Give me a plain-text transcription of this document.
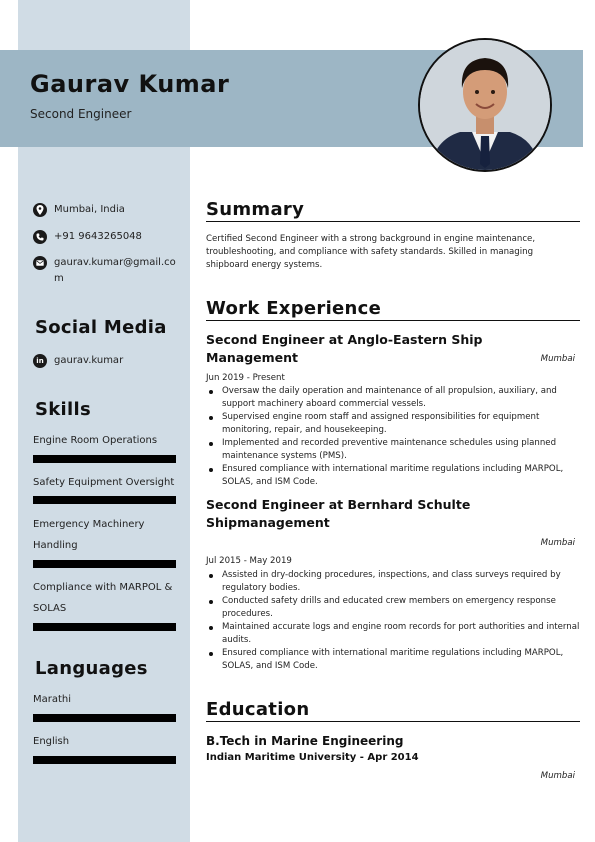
Gaurav Kumar
Second Engineer
Mumbai, India
+91 9643265048
gaurav.kumar@gmail.com
Social Media
in gaurav.kumar
Skills
Engine Room Operations
Safety Equipment Oversight
Emergency Machinery Handling
Compliance with MARPOL & SOLAS
Languages
Marathi
English
Summary
Certified Second Engineer with a strong background in engine maintenance, troubleshooting, and compliance with safety standards. Skilled in managing shipboard energy systems.
Work Experience
Second Engineer at Anglo-Eastern Ship Management	Mumbai
Jun 2019 - Present
Oversaw the daily operation and maintenance of all propulsion, auxiliary, and support machinery aboard commercial vessels.
Supervised engine room staff and assigned responsibilities for equipment monitoring, repair, and housekeeping.
Implemented and recorded preventive maintenance schedules using planned maintenance systems (PMS).
Ensured compliance with international maritime regulations including MARPOL, SOLAS, and ISM Code.
Second Engineer at Bernhard Schulte Shipmanagement
Mumbai
Jul 2015 - May 2019
Assisted in dry-docking procedures, inspections, and class surveys required by regulatory bodies.
Conducted safety drills and educated crew members on emergency response procedures.
Maintained accurate logs and engine room records for port authorities and internal audits.
Ensured compliance with international maritime regulations including MARPOL, SOLAS, and ISM Code.
Education
B.Tech in Marine Engineering
Indian Maritime University - Apr 2014
Mumbai
